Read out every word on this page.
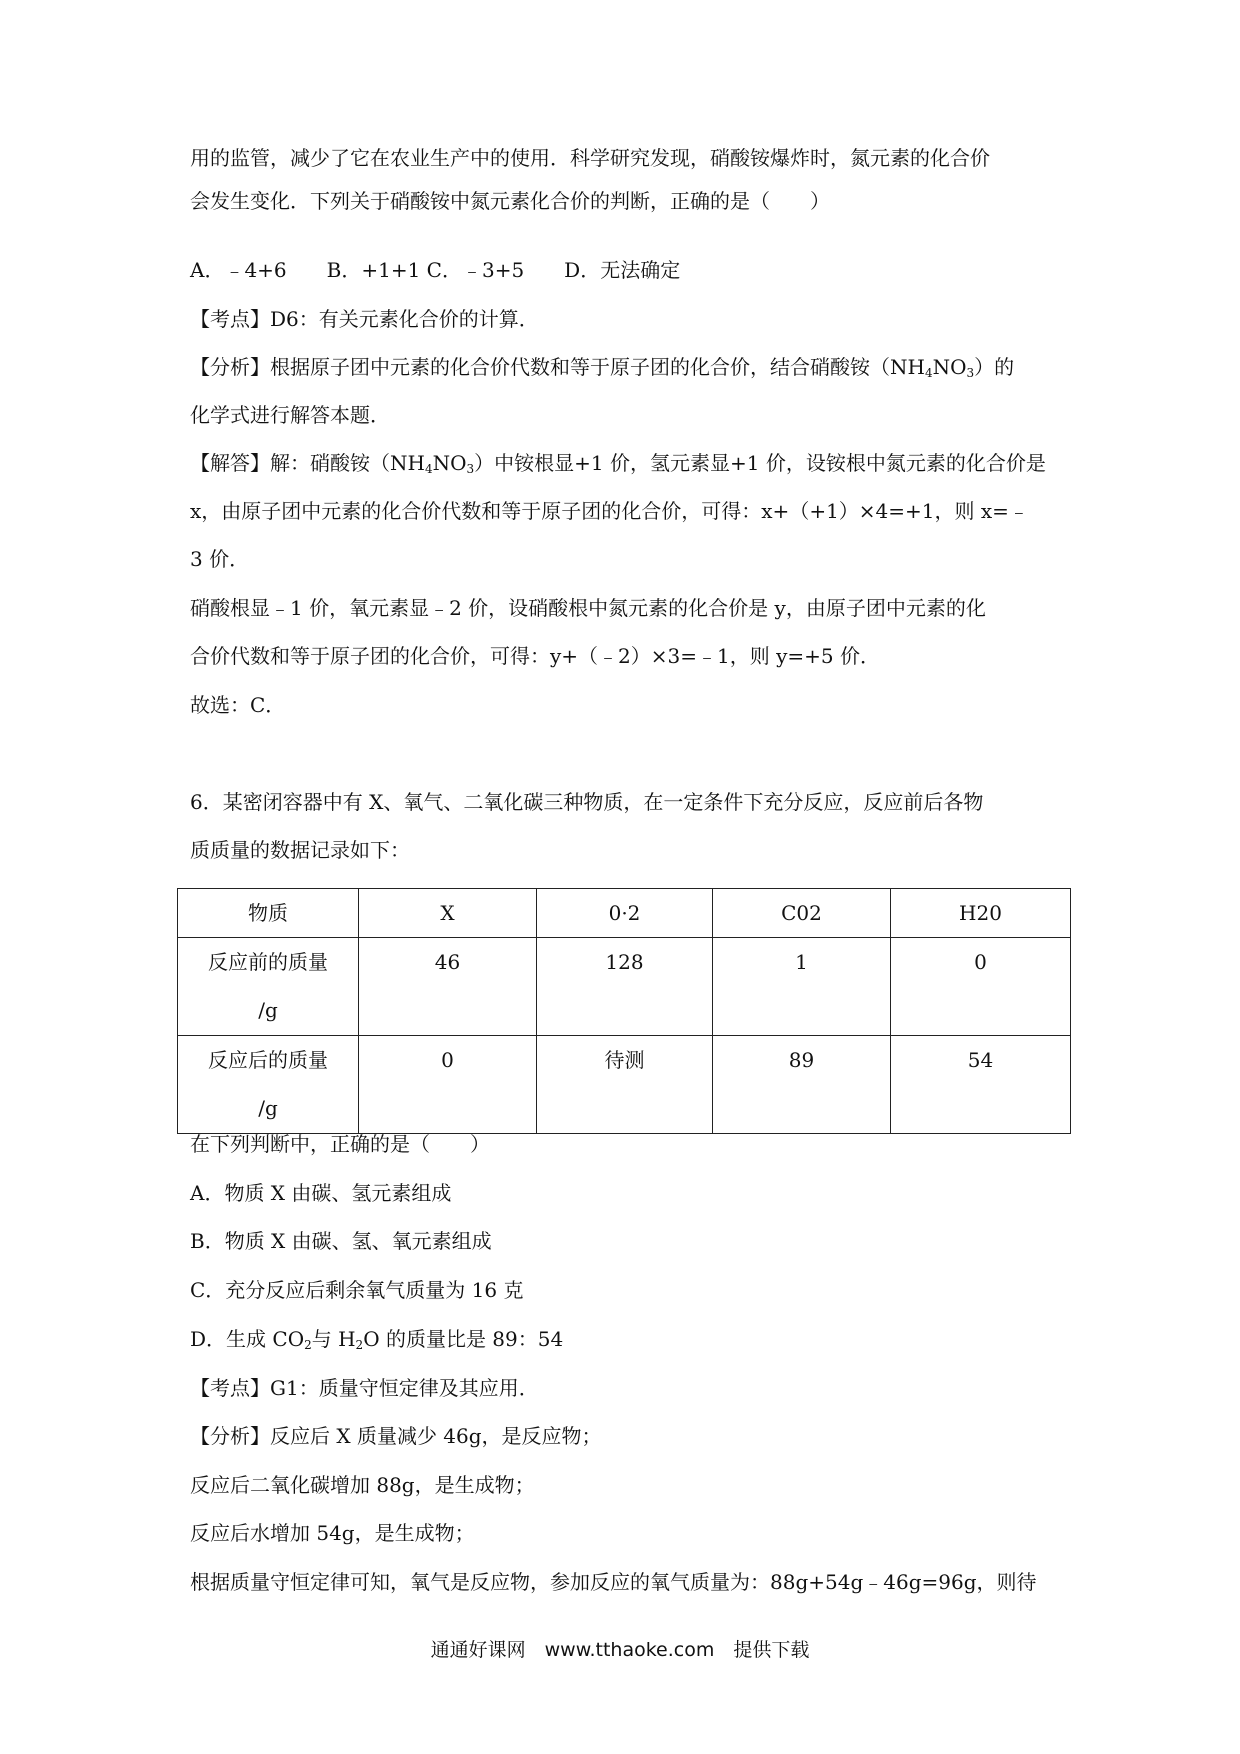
用的监管，减少了它在农业生产中的使用．科学研究发现，硝酸铵爆炸时，氮元素的化合价
会发生变化．下列关于硝酸铵中氮元素化合价的判断，正确的是（　　）
A．﹣4+6　　B．+1+1 C．﹣3+5　　D．无法确定
【考点】D6：有关元素化合价的计算．
【分析】根据原子团中元素的化合价代数和等于原子团的化合价，结合硝酸铵$(NH_4NO_3)$的
化学式进行解答本题．
【解答】解：硝酸铵$(NH_4NO_3)$中铵根显+1 价，氢元素显+1 价，设铵根中氮元素的化合价是
x，由原子团中元素的化合价代数和等于原子团的化合价，可得：x+（+1）×4=+1，则 x=﹣
3 价．
硝酸根显﹣1 价，氧元素显﹣2 价，设硝酸根中氮元素的化合价是 y，由原子团中元素的化
合价代数和等于原子团的化合价，可得：y+（﹣2）×3=﹣1，则 y=+5 价．
故选：C．
6．某密闭容器中有 X、氧气、二氧化碳三种物质，在一定条件下充分反应，反应前后各物
质质量的数据记录如下：
物质	X	0·2	C02	H20

反应前的质量
/g	46	128	1	0

反应后的质量
/g	0	待测	89	54
在下列判断中，正确的是（　　）
A．物质 X 由碳、氢元素组成
B．物质 X 由碳、氢、氧元素组成
C．充分反应后剩余氧气质量为 16 克
D．生成 $CO_2$与 $H_2O$ 的质量比是 89：54
【考点】G1：质量守恒定律及其应用．
【分析】反应后 X 质量减少 46g，是反应物；
反应后二氧化碳增加 88g，是生成物；
反应后水增加 54g，是生成物；
根据质量守恒定律可知，氧气是反应物，参加反应的氧气质量为：88g+54g﹣46g=96g，则待
通通好课网　www.tthaoke.com　提供下载
